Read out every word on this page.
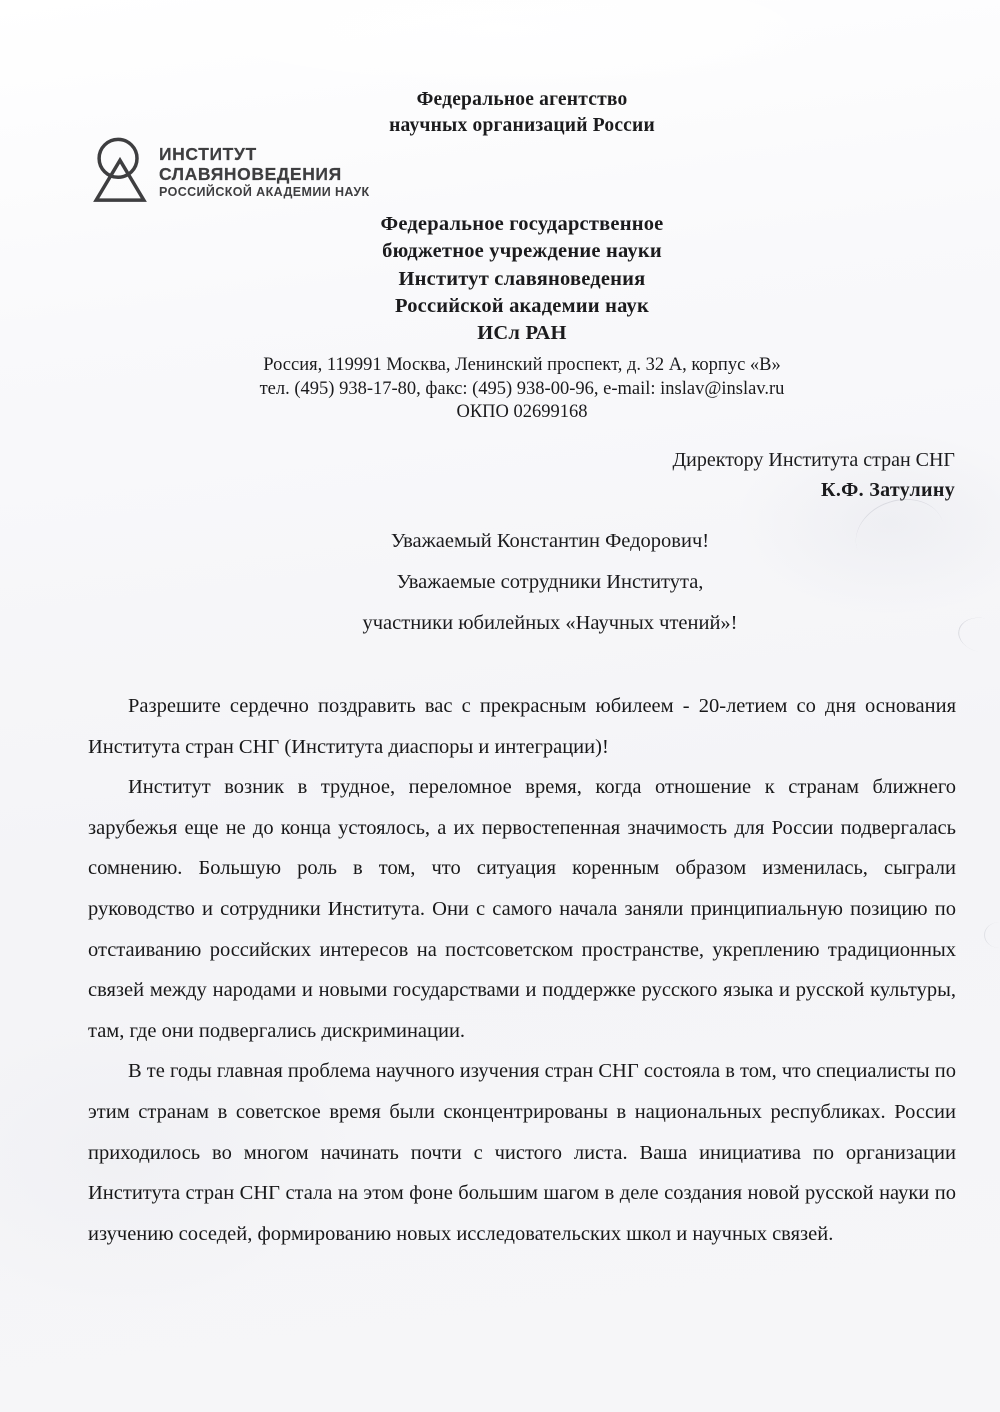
Федеральное агентство
научных организаций России
ИНСТИТУТ
СЛАВЯНОВЕДЕНИЯ
РОССИЙСКОЙ АКАДЕМИИ НАУК
Федеральное государственное
бюджетное учреждение науки
Институт славяноведения
Российской академии наук
ИСл РАН
Россия, 119991 Москва, Ленинский проспект, д. 32 А, корпус «В»
тел. (495) 938-17-80, факс: (495) 938-00-96, e-mail: inslav@inslav.ru
ОКПО 02699168
Директору Института стран СНГ
К.Ф. Затулину
Уважаемый Константин Федорович!
Уважаемые сотрудники Института,
участники юбилейных «Научных чтений»!

Разрешите сердечно поздравить вас с прекрасным юбилеем - 20-летием со дня основания Института стран СНГ (Института диаспоры и интеграции)!

Институт возник в трудное, переломное время, когда отношение к странам ближнего зарубежья еще не до конца устоялось, а их первостепенная значимость для России подвергалась сомнению. Большую роль в том, что ситуация коренным образом изменилась, сыграли руководство и сотрудники Института. Они с самого начала заняли принципиальную позицию по отстаиванию российских интересов на постсоветском пространстве, укреплению традиционных связей между народами и новыми государствами и поддержке русского языка и русской культуры, там, где они подвергались дискриминации.

В те годы главная проблема научного изучения стран СНГ состояла в том, что специалисты по этим странам в советское время были сконцентрированы в национальных республиках. России приходилось во многом начинать почти с чистого листа. Ваша инициатива по организации Института стран СНГ стала на этом фоне большим шагом в деле создания новой русской науки по изучению соседей, формированию новых исследовательских школ и научных связей.
